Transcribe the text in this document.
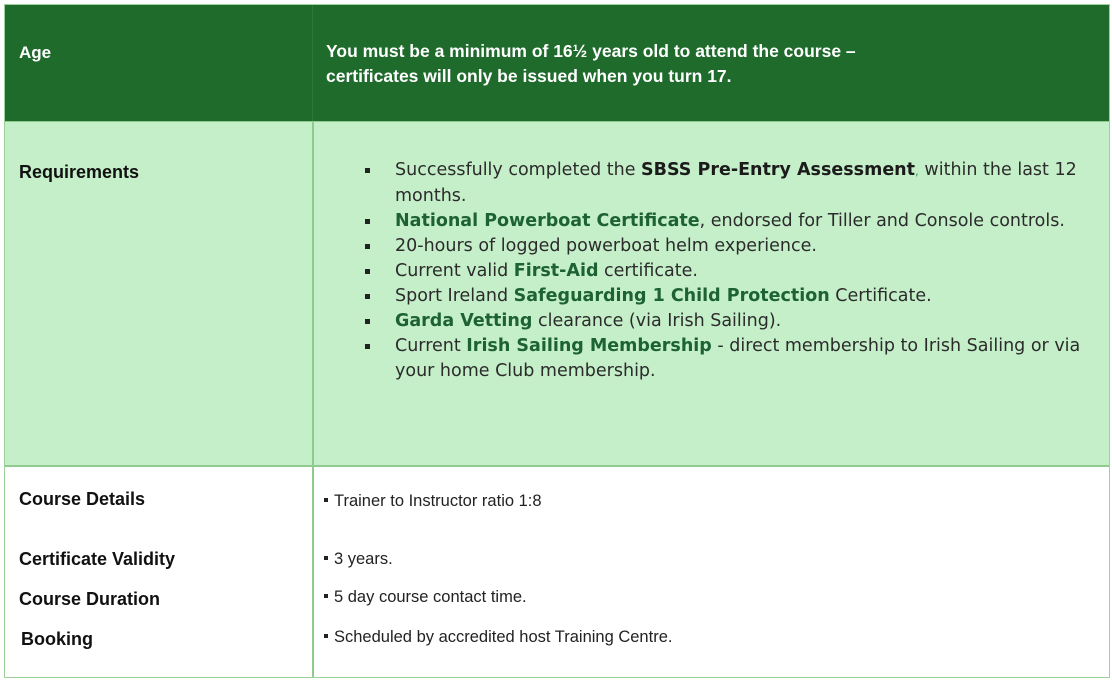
Age	You must be a minimum of 16½ years old to attend the course –
certificates will only be issued when you turn 17.
Requirements	Successfully completed the SBSS Pre-Entry Assessment, within the last 12 months.
National Powerboat Certificate, endorsed for Tiller and Console controls.
20-hours of logged powerboat helm experience.
Current valid First-Aid certificate.
Sport Ireland Safeguarding 1 Child Protection Certificate.
Garda Vetting clearance (via Irish Sailing).
Current Irish Sailing Membership - direct membership to Irish Sailing or via your home Club membership.
Course Details	Trainer to Instructor ratio 1:8
Certificate Validity	3 years.
Course Duration	5 day course contact time.
Booking	Scheduled by accredited host Training Centre.
